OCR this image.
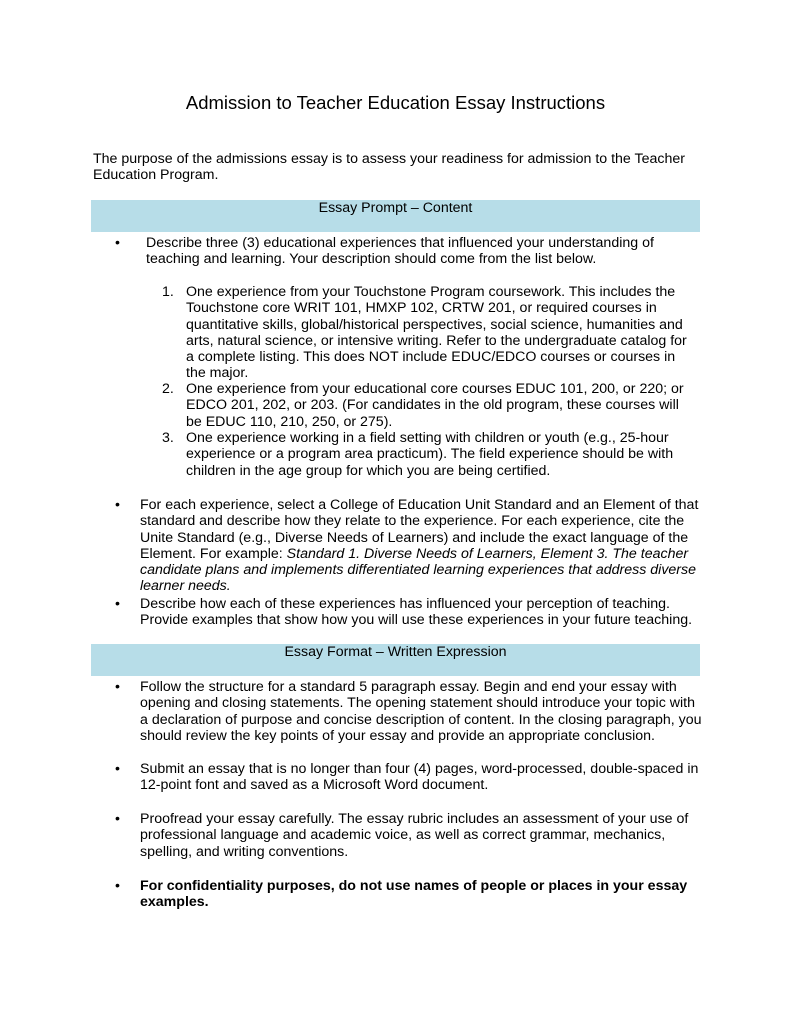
Admission to Teacher Education Essay Instructions
The purpose of the admissions essay is to assess your readiness for admission to the Teacher Education Program.
Essay Prompt – Content
•	Describe three (3) educational experiences that influenced your understanding of teaching and learning. Your description should come from the list below.
1. One experience from your Touchstone Program coursework. This includes the Touchstone core WRIT 101, HMXP 102, CRTW 201, or required courses in quantitative skills, global/historical perspectives, social science, humanities and arts, natural science, or intensive writing. Refer to the undergraduate catalog for a complete listing. This does NOT include EDUC/EDCO courses or courses in the major.
2. One experience from your educational core courses EDUC 101, 200, or 220; or EDCO 201, 202, or 203. (For candidates in the old program, these courses will be EDUC 110, 210, 250, or 275).
3. One experience working in a field setting with children or youth (e.g., 25-hour experience or a program area practicum). The field experience should be with children in the age group for which you are being certified.
•	For each experience, select a College of Education Unit Standard and an Element of that standard and describe how they relate to the experience. For each experience, cite the Unite Standard (e.g., Diverse Needs of Learners) and include the exact language of the Element. For example: Standard 1. Diverse Needs of Learners, Element 3. The teacher candidate plans and implements differentiated learning experiences that address diverse learner needs.
•	Describe how each of these experiences has influenced your perception of teaching. Provide examples that show how you will use these experiences in your future teaching.
Essay Format – Written Expression
•	Follow the structure for a standard 5 paragraph essay. Begin and end your essay with opening and closing statements. The opening statement should introduce your topic with a declaration of purpose and concise description of content. In the closing paragraph, you should review the key points of your essay and provide an appropriate conclusion.
•	Submit an essay that is no longer than four (4) pages, word-processed, double-spaced in 12-point font and saved as a Microsoft Word document.
•	Proofread your essay carefully. The essay rubric includes an assessment of your use of professional language and academic voice, as well as correct grammar, mechanics, spelling, and writing conventions.
•	For confidentiality purposes, do not use names of people or places in your essay examples.
